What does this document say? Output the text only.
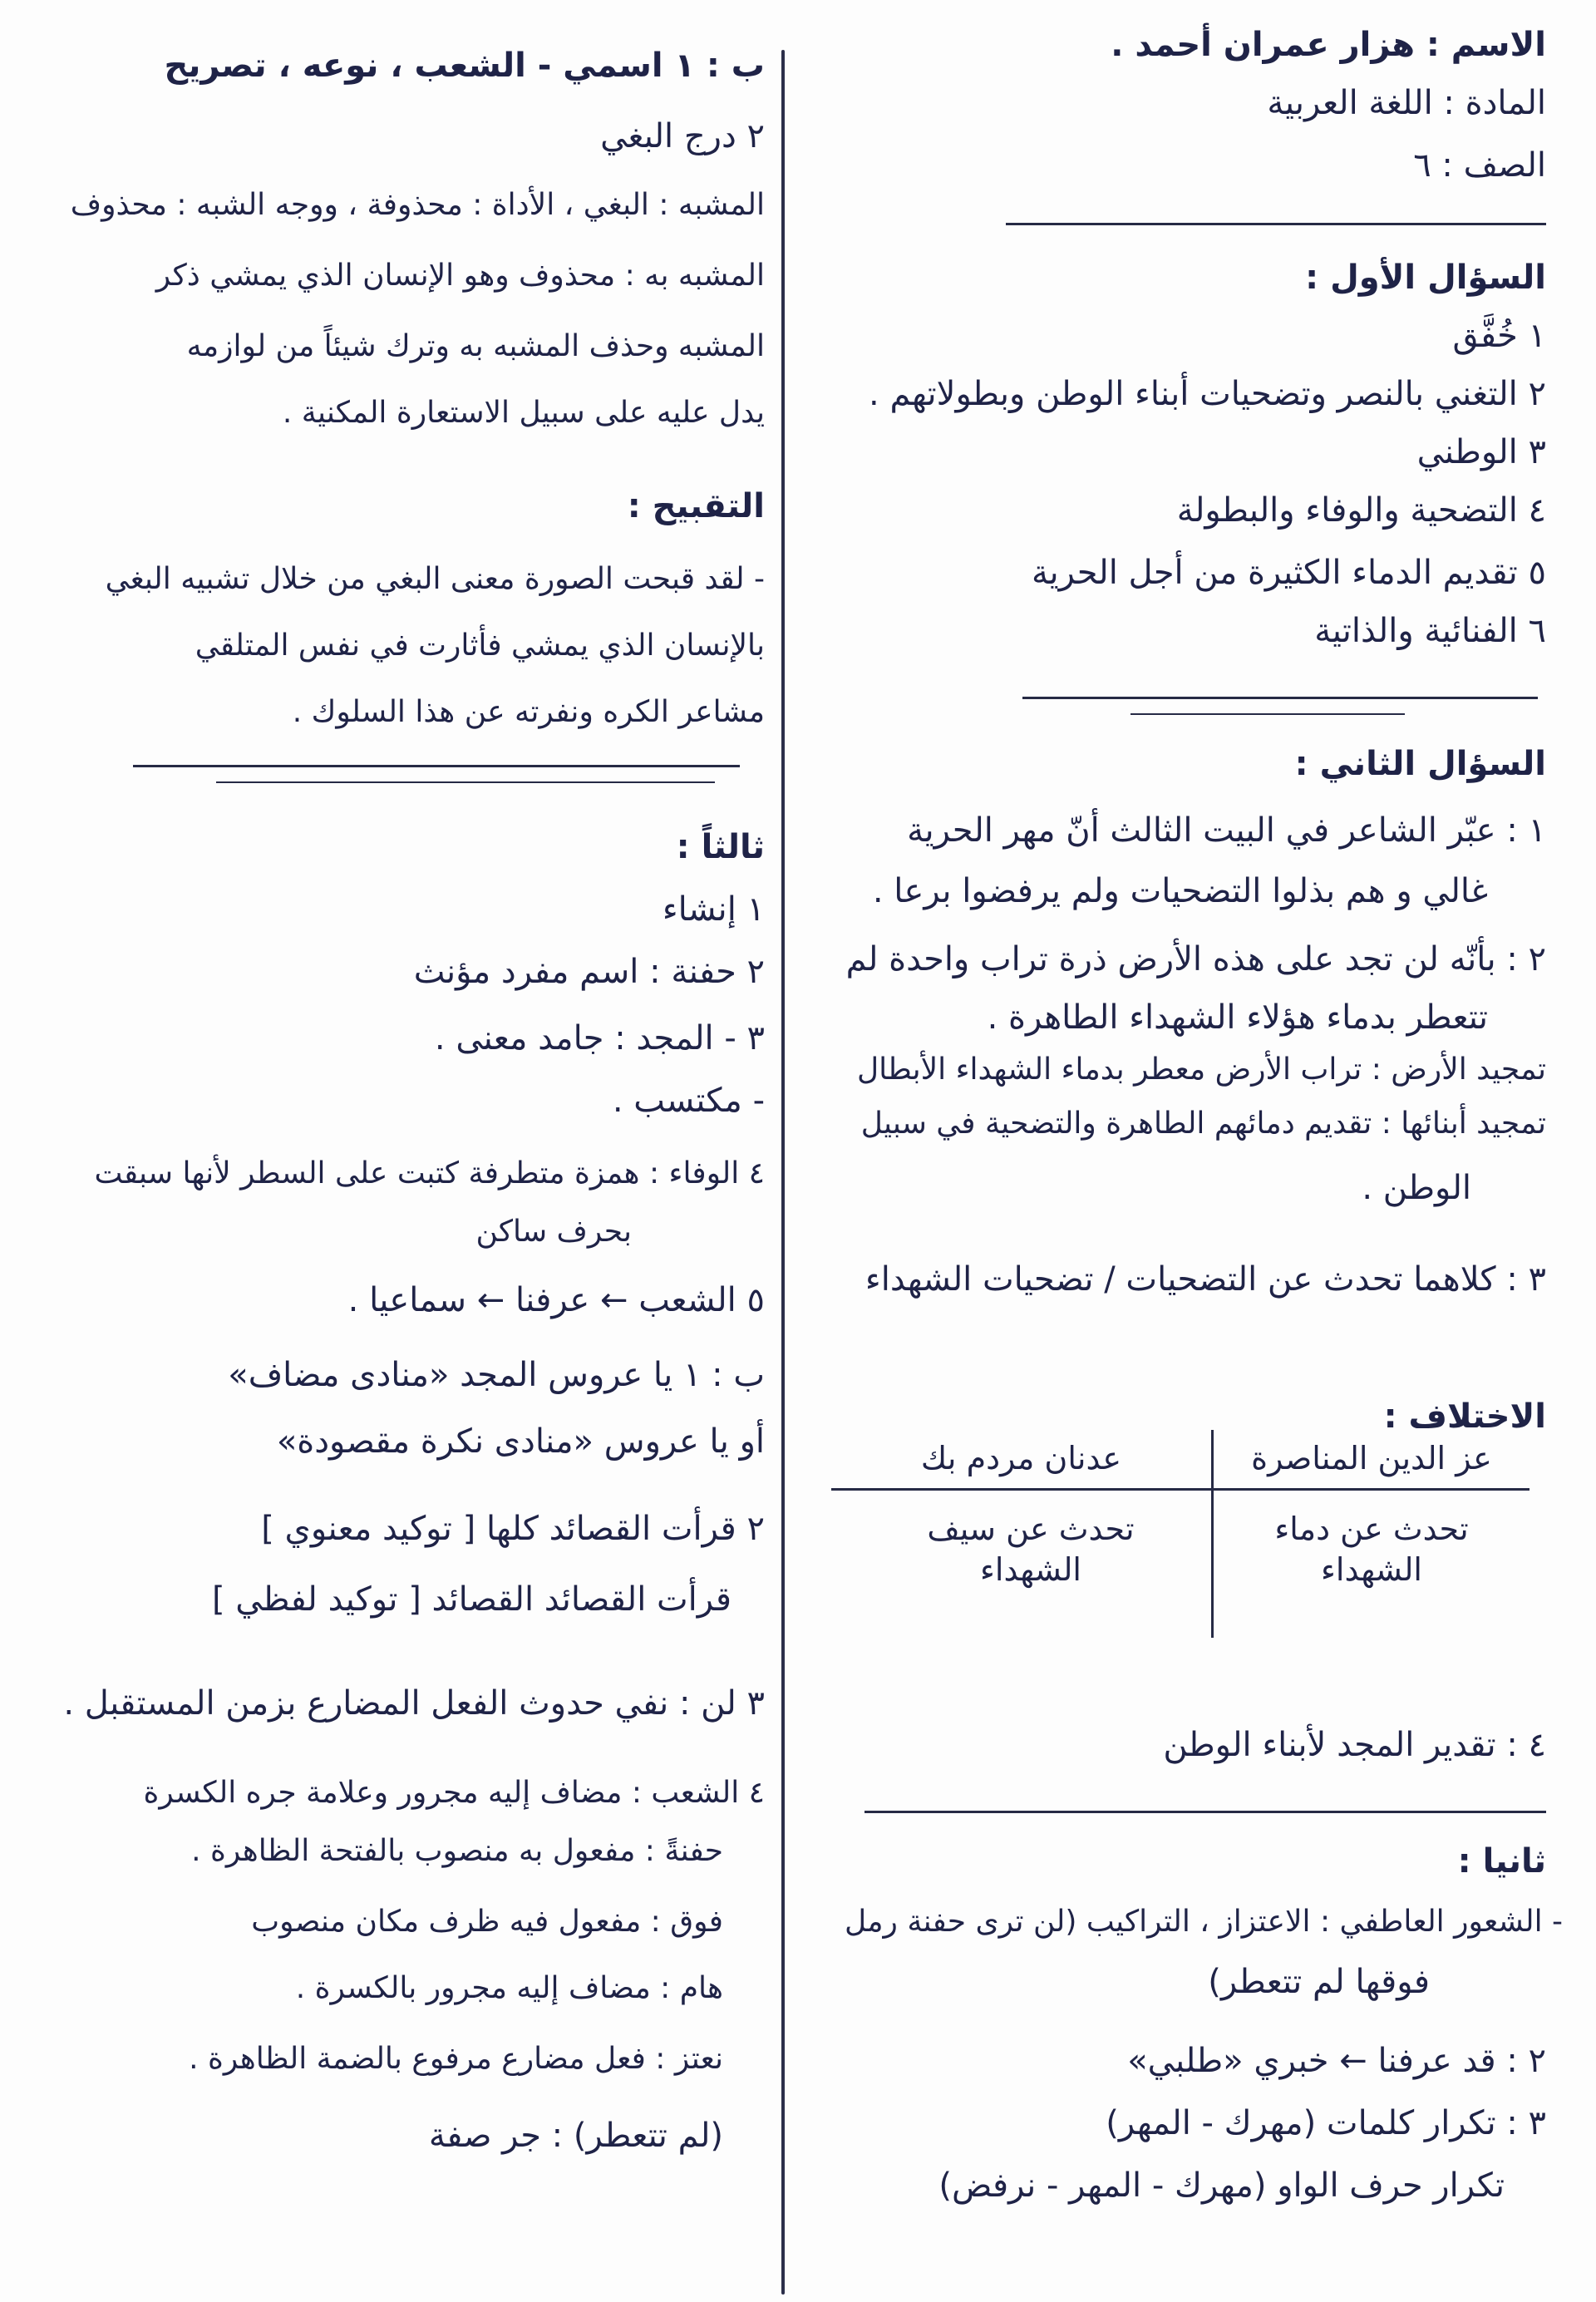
الاسم : هزار عمران أحمد .
المادة : اللغة العربية
الصف : ٦
السؤال الأول :
١ خُفَّق
٢ التغني بالنصر وتضحيات أبناء الوطن وبطولاتهم .
٣ الوطني
٤ التضحية والوفاء والبطولة
٥ تقديم الدماء الكثيرة من أجل الحرية
٦ الفنائية والذاتية
السؤال الثاني :
١ : عبّر الشاعر في البيت الثالث أنّ مهر الحرية
غالي و هم بذلوا التضحيات ولم يرفضوا برعا .
٢ : بأنّه لن تجد على هذه الأرض ذرة تراب واحدة لم
تتعطر بدماء هؤلاء الشهداء الطاهرة .
تمجيد الأرض : تراب الأرض معطر بدماء الشهداء الأبطال
تمجيد أبنائها : تقديم دمائهم الطاهرة والتضحية في سبيل
الوطن .
٣ : كلاهما تحدث عن التضحيات / تضحيات الشهداء
الاختلاف :
عز الدين المناصرة
عدنان مردم بك
تحدث عن دماء الشهداء
تحدث عن سيف الشهداء
٤ : تقدير المجد لأبناء الوطن
ثانيا :
- الشعور العاطفي : الاعتزاز ، التراكيب (لن ترى حفنة رمل
فوقها لم تتعطر)
٢ : قد عرفنا ← خبري «طلبي»
٣ : تكرار كلمات (مهرك - المهر)
تكرار حرف الواو (مهرك - المهر - نرفض)
ب : ١ اسمي - الشعب ، نوعه ، تصريح
٢ درج البغي
المشبه : البغي ، الأداة : محذوفة ، ووجه الشبه : محذوف
المشبه به : محذوف وهو الإنسان الذي يمشي ذكر
المشبه وحذف المشبه به وترك شيئاً من لوازمه
يدل عليه على سبيل الاستعارة المكنية .
التقبيح :
- لقد قبحت الصورة معنى البغي من خلال تشبيه البغي
بالإنسان الذي يمشي فأثارت في نفس المتلقي
مشاعر الكره ونفرته عن هذا السلوك .
ثالثاً :
١ إنشاء
٢ حفنة : اسم مفرد مؤنث
٣ - المجد : جامد معنى .
- مكتسب .
٤ الوفاء : همزة متطرفة كتبت على السطر لأنها سبقت
بحرف ساكن
٥ الشعب ← عرفنا ← سماعيا .
ب : ١ يا عروس المجد «منادى مضاف»
أو يا عروس «منادى نكرة مقصودة»
٢ قرأت القصائد كلها [ توكيد معنوي ]
قرأت القصائد القصائد [ توكيد لفظي ]
٣ لن : نفي حدوث الفعل المضارع بزمن المستقبل .
٤ الشعب : مضاف إليه مجرور وعلامة جره الكسرة
حفنةً : مفعول به منصوب بالفتحة الظاهرة .
فوق : مفعول فيه ظرف مكان منصوب
هام : مضاف إليه مجرور بالكسرة .
نعتز : فعل مضارع مرفوع بالضمة الظاهرة .
(لم تتعطر) : جر صفة
